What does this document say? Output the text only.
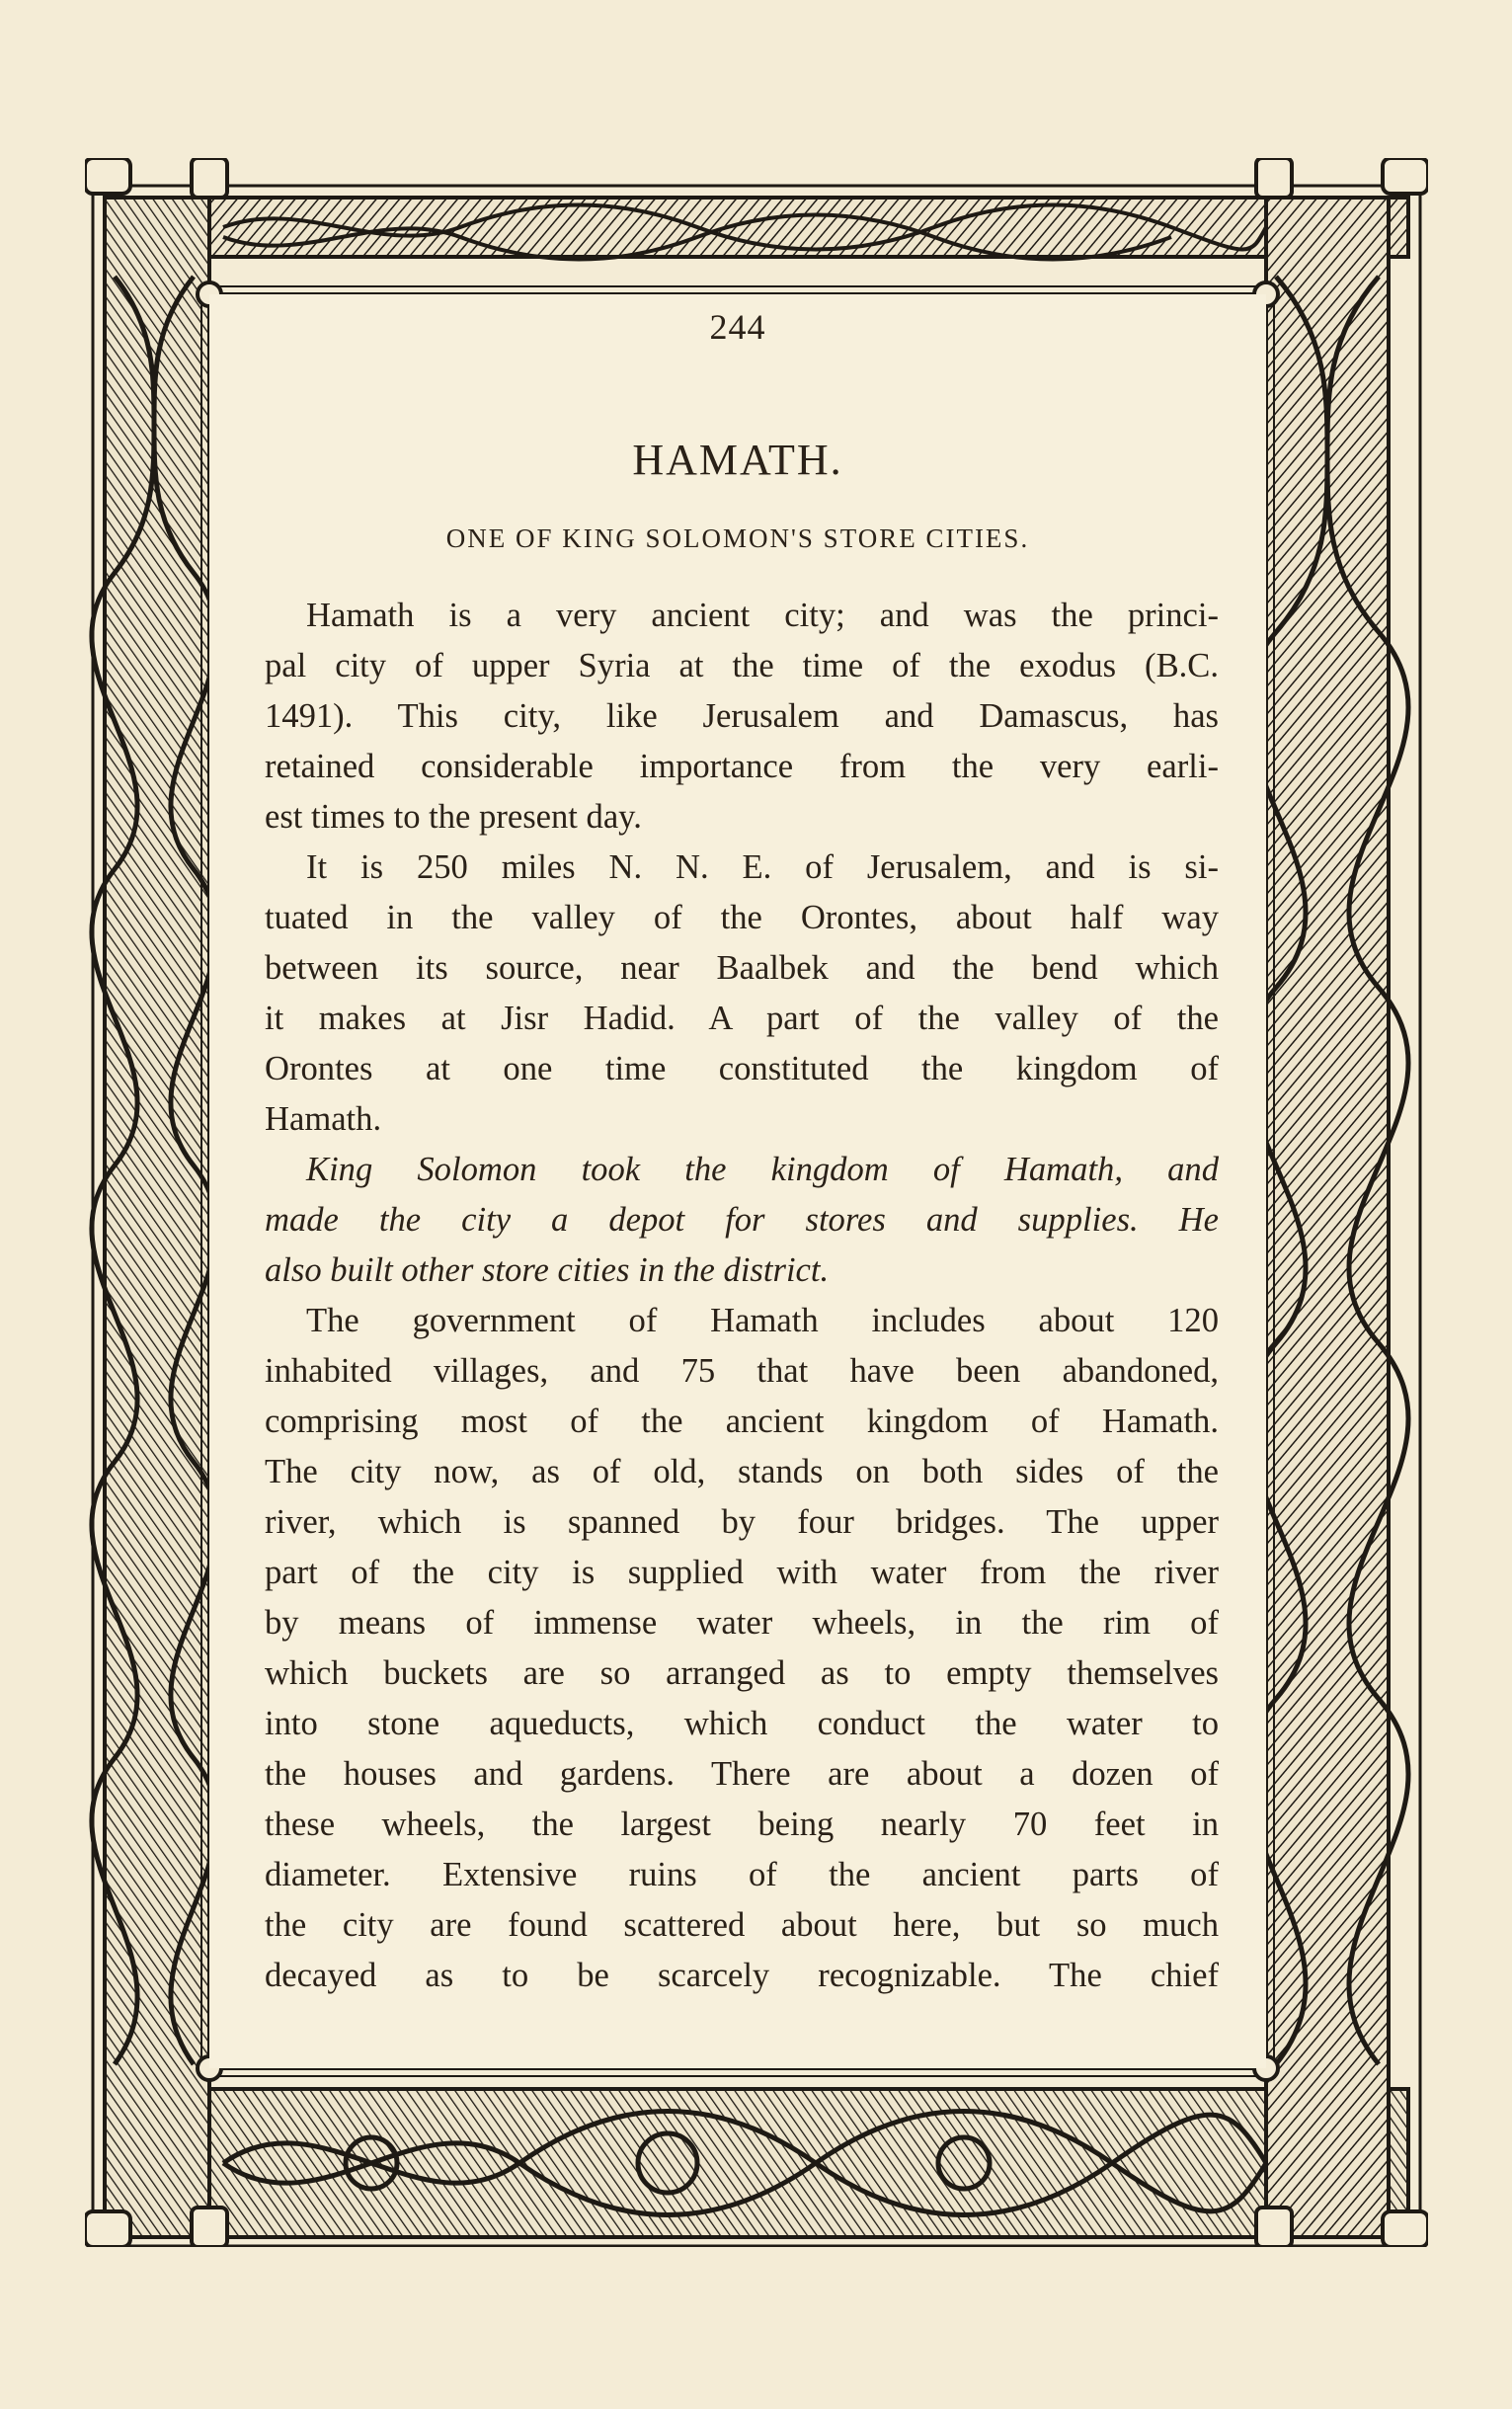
244
HAMATH.
ONE OF KING SOLOMON'S STORE CITIES.
Hamath is a very ancient city; and was the princi-
pal city of upper Syria at the time of the exodus (B.C.
1491). This city, like Jerusalem and Damascus, has
retained considerable importance from the very earli-
est times to the present day.
It is 250 miles N. N. E. of Jerusalem, and is si-
tuated in the valley of the Orontes, about half way
between its source, near Baalbek and the bend which
it makes at Jisr Hadid. A part of the valley of the
Orontes at one time constituted the kingdom of
Hamath.
King Solomon took the kingdom of Hamath, and
made the city a depot for stores and supplies. He
also built other store cities in the district.
The government of Hamath includes about 120
inhabited villages, and 75 that have been abandoned,
comprising most of the ancient kingdom of Hamath.
The city now, as of old, stands on both sides of the
river, which is spanned by four bridges. The upper
part of the city is supplied with water from the river
by means of immense water wheels, in the rim of
which buckets are so arranged as to empty themselves
into stone aqueducts, which conduct the water to
the houses and gardens. There are about a dozen of
these wheels, the largest being nearly 70 feet in
diameter. Extensive ruins of the ancient parts of
the city are found scattered about here, but so much
decayed as to be scarcely recognizable. The chief
